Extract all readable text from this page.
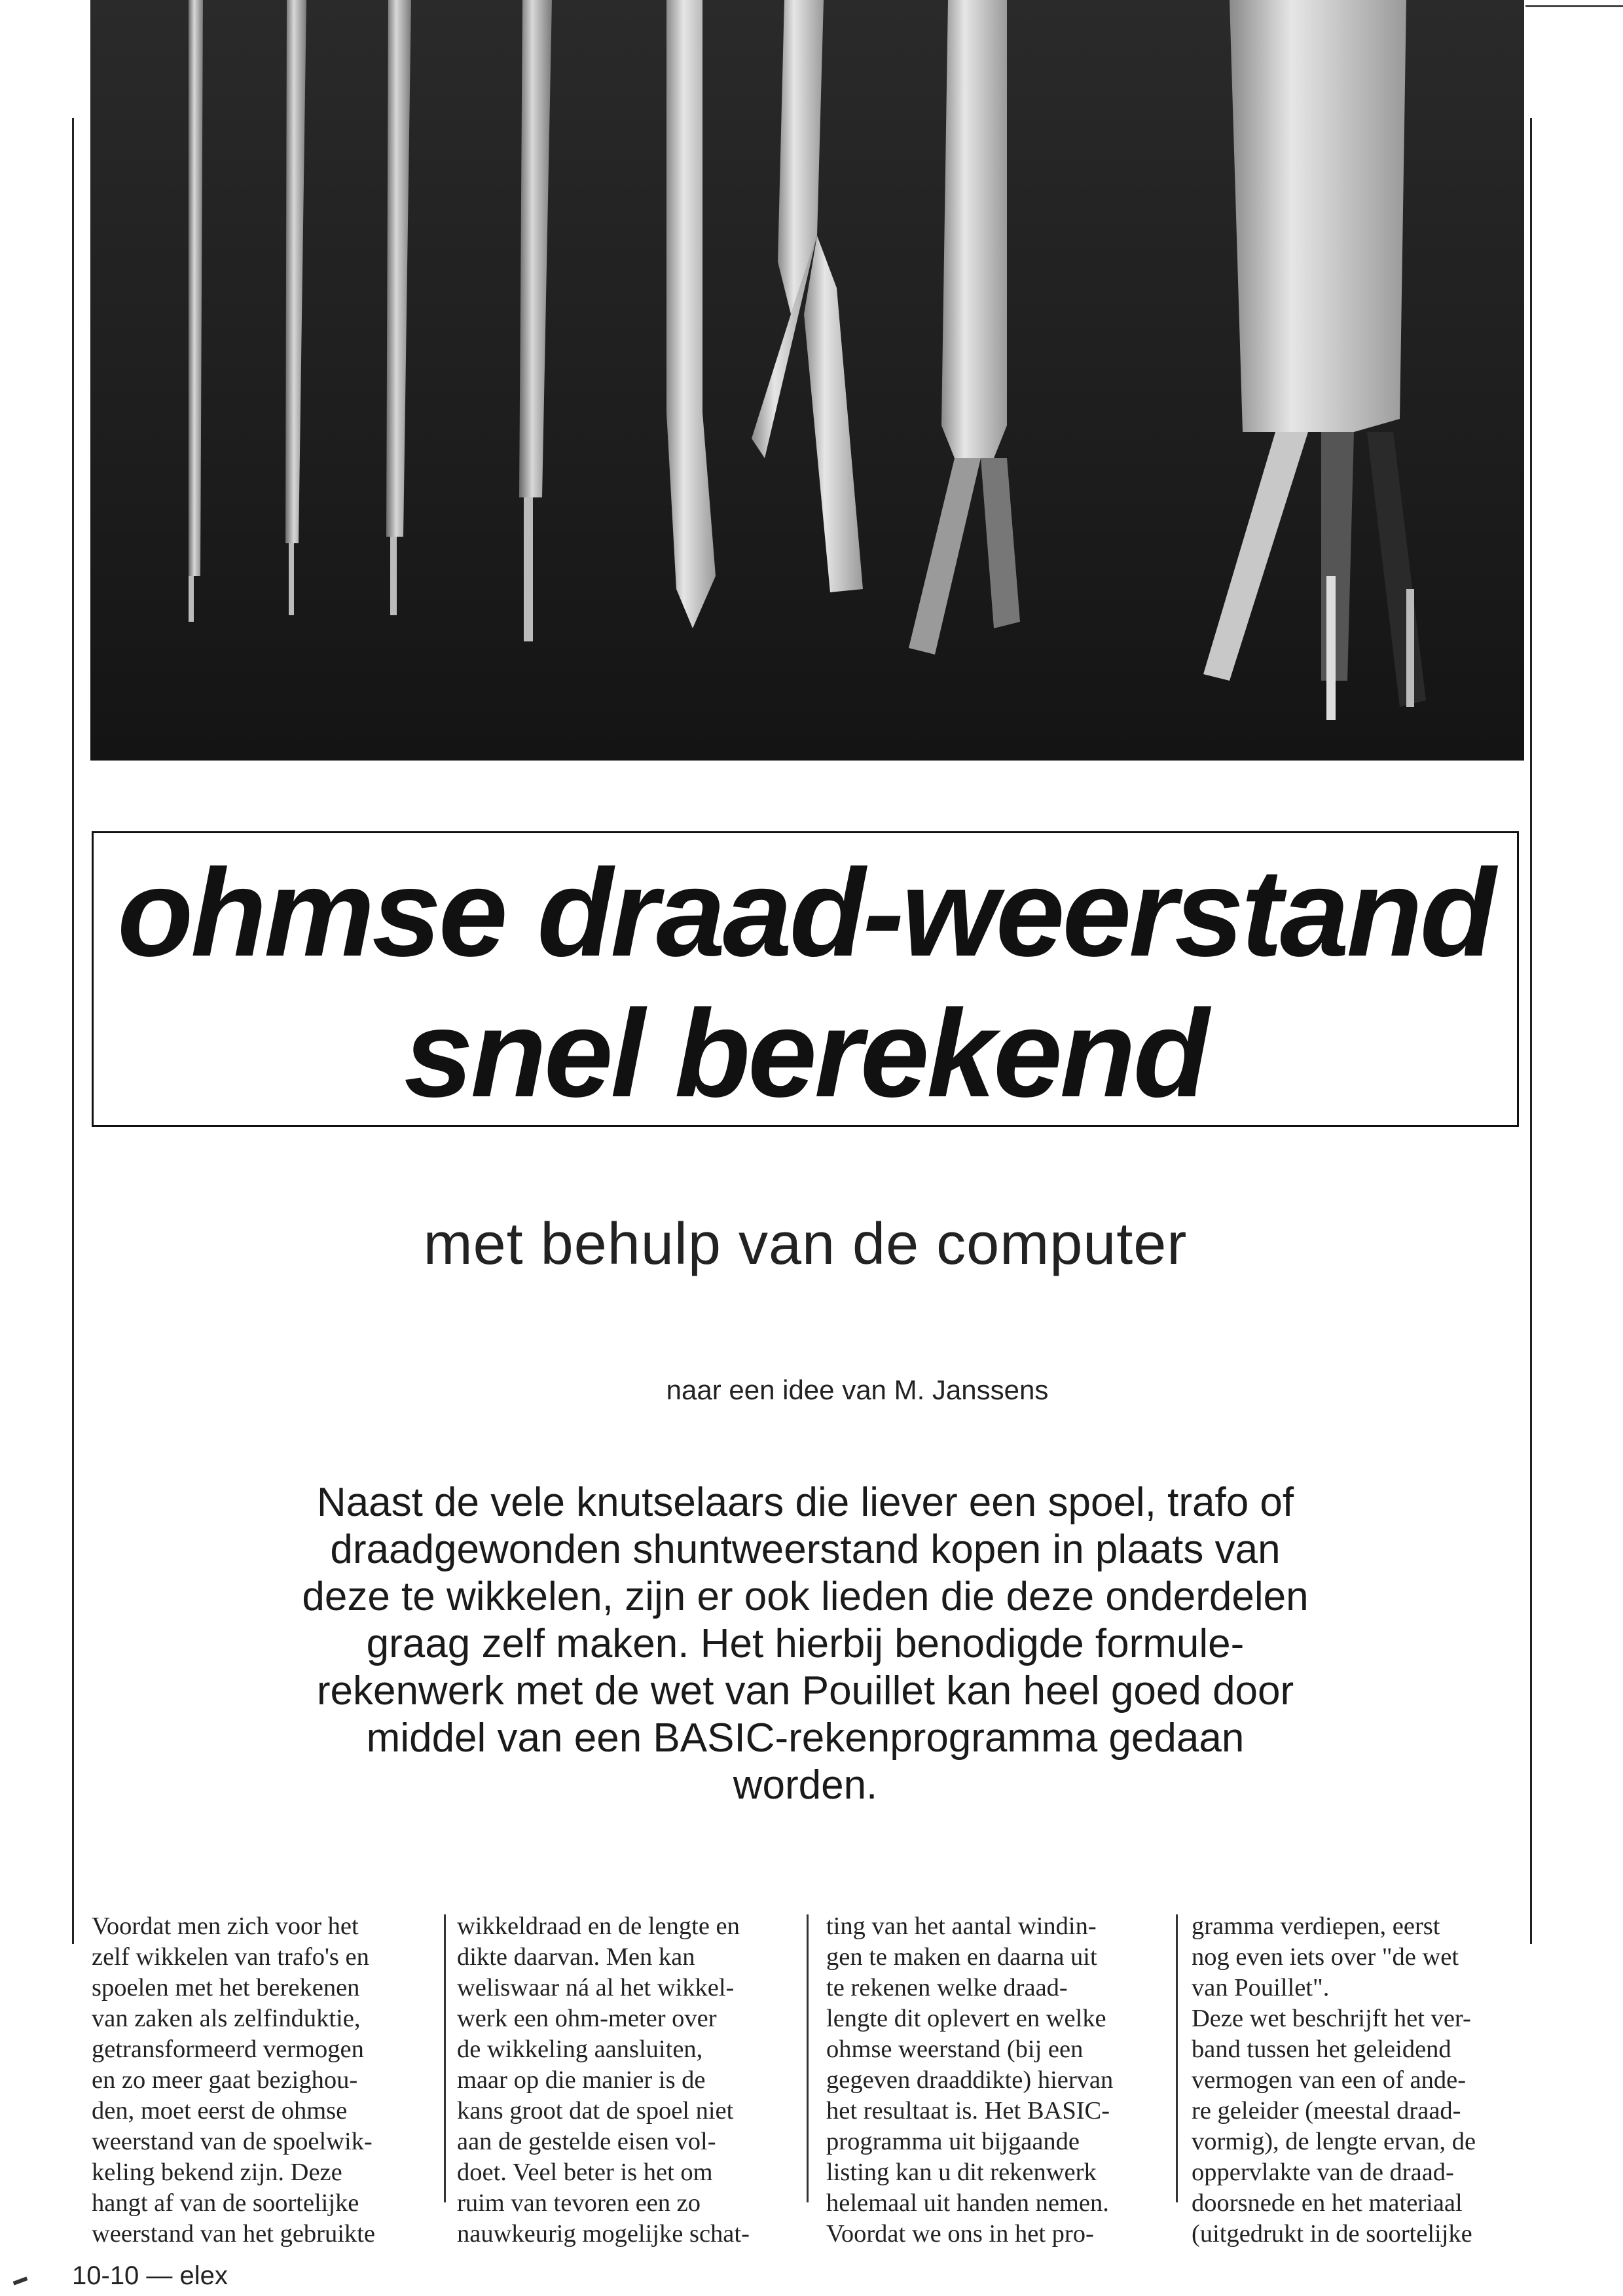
ohmse draad-weerstand
snel berekend
met behulp van de computer
naar een idee van M. Janssens
Naast de vele knutselaars die liever een spoel, trafo of
draadgewonden shuntweerstand kopen in plaats van
deze te wikkelen, zijn er ook lieden die deze onderdelen
graag zelf maken. Het hierbij benodigde formule-
rekenwerk met de wet van Pouillet kan heel goed door
middel van een BASIC-rekenprogramma gedaan
worden.

Voordat men zich voor het

zelf wikkelen van trafo's en

spoelen met het berekenen

van zaken als zelfinduktie,

getransformeerd vermogen

en zo meer gaat bezighou-

den, moet eerst de ohmse

weerstand van de spoelwik-

keling bekend zijn. Deze

hangt af van de soortelijke

weerstand van het gebruikte

wikkeldraad en de lengte en

dikte daarvan. Men kan

weliswaar ná al het wikkel-

werk een ohm-meter over

de wikkeling aansluiten,

maar op die manier is de

kans groot dat de spoel niet

aan de gestelde eisen vol-

doet. Veel beter is het om

ruim van tevoren een zo

nauwkeurig mogelijke schat-

ting van het aantal windin-

gen te maken en daarna uit

te rekenen welke draad-

lengte dit oplevert en welke

ohmse weerstand (bij een

gegeven draaddikte) hiervan

het resultaat is. Het BASIC-

programma uit bijgaande

listing kan u dit rekenwerk

helemaal uit handen nemen.

Voordat we ons in het pro-

gramma verdiepen, eerst

nog even iets over "de wet

van Pouillet".

Deze wet beschrijft het ver-

band tussen het geleidend

vermogen van een of ande-

re geleider (meestal draad-

vormig), de lengte ervan, de

oppervlakte van de draad-

doorsnede en het materiaal

(uitgedrukt in de soortelijke

10-10 — elex
